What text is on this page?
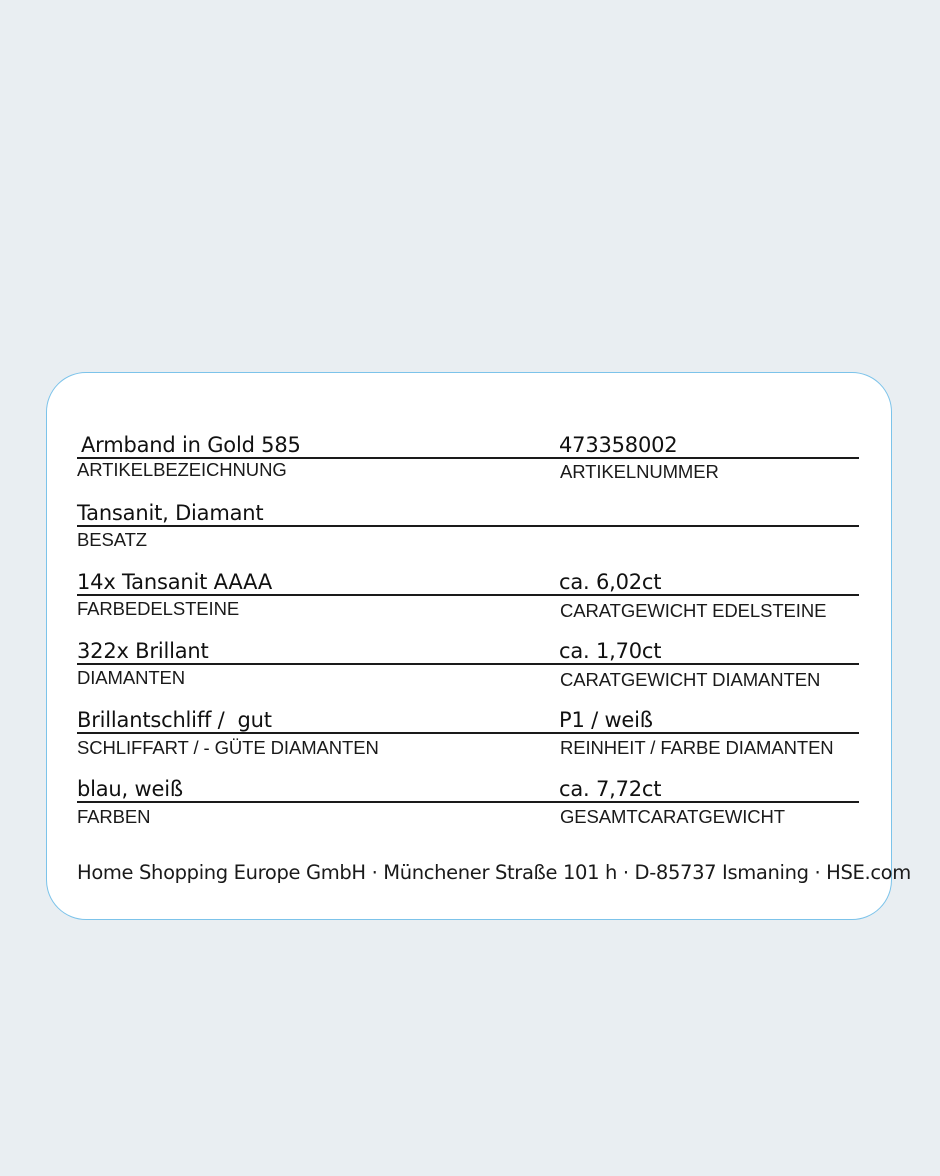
Armband in Gold 585	473358002
ARTIKELBEZEICHNUNG	ARTIKELNUMMER
Tansanit, Diamant
BESATZ
14x Tansanit AAAA	ca. 6,02ct
FARBEDELSTEINE	CARATGEWICHT EDELSTEINE
322x Brillant	ca. 1,70ct
DIAMANTEN	CARATGEWICHT DIAMANTEN
Brillantschliff /  gut	P1 / weiß
SCHLIFFART / - GÜTE DIAMANTEN	REINHEIT / FARBE DIAMANTEN
blau, weiß	ca. 7,72ct
FARBEN	GESAMTCARATGEWICHT
Home Shopping Europe GmbH · Münchener Straße 101 h · D-85737 Ismaning · HSE.com
